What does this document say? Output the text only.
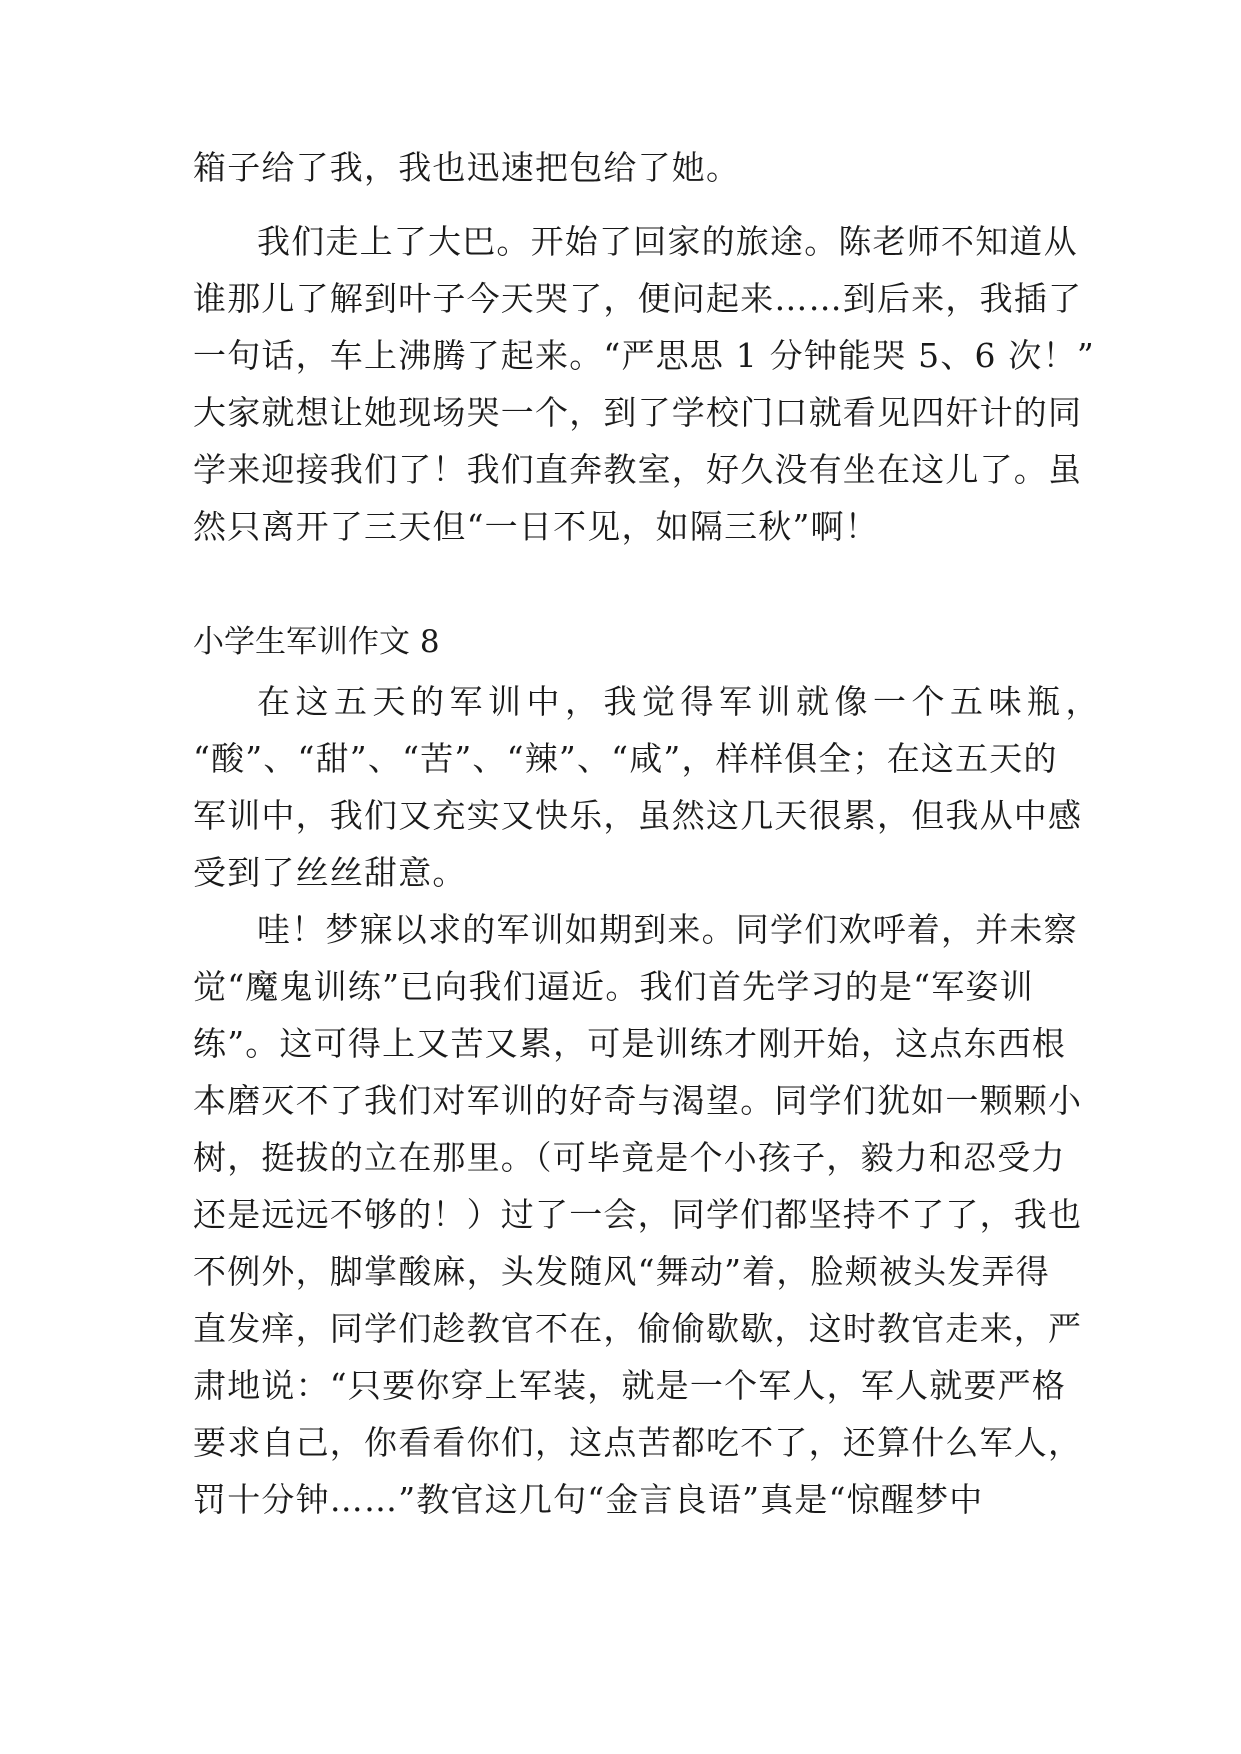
箱子给了我，我也迅速把包给了她。
我们走上了大巴。开始了回家的旅途。陈老师不知道从
谁那儿了解到叶子今天哭了，便问起来……到后来，我插了
一句话，车上沸腾了起来。“严思思 1 分钟能哭 5、6 次！”
大家就想让她现场哭一个，到了学校门口就看见四奸计的同
学来迎接我们了！我们直奔教室，好久没有坐在这儿了。虽
然只离开了三天但“一日不见，如隔三秋”啊！
小学生军训作文 8
在这五天的军训中，我觉得军训就像一个五味瓶，
“酸”、“甜”、“苦”、“辣”、“咸”，样样俱全；在这五天的
军训中，我们又充实又快乐，虽然这几天很累，但我从中感
受到了丝丝甜意。
哇！梦寐以求的军训如期到来。同学们欢呼着，并未察
觉“魔鬼训练”已向我们逼近。我们首先学习的是“军姿训
练”。这可得上又苦又累，可是训练才刚开始，这点东西根
本磨灭不了我们对军训的好奇与渴望。同学们犹如一颗颗小
树，挺拔的立在那里。（可毕竟是个小孩子，毅力和忍受力
还是远远不够的！）过了一会，同学们都坚持不了了，我也
不例外，脚掌酸麻，头发随风“舞动”着，脸颊被头发弄得
直发痒，同学们趁教官不在，偷偷歇歇，这时教官走来，严
肃地说：“只要你穿上军装，就是一个军人，军人就要严格
要求自己，你看看你们，这点苦都吃不了，还算什么军人，
罚十分钟……”教官这几句“金言良语”真是“惊醒梦中
